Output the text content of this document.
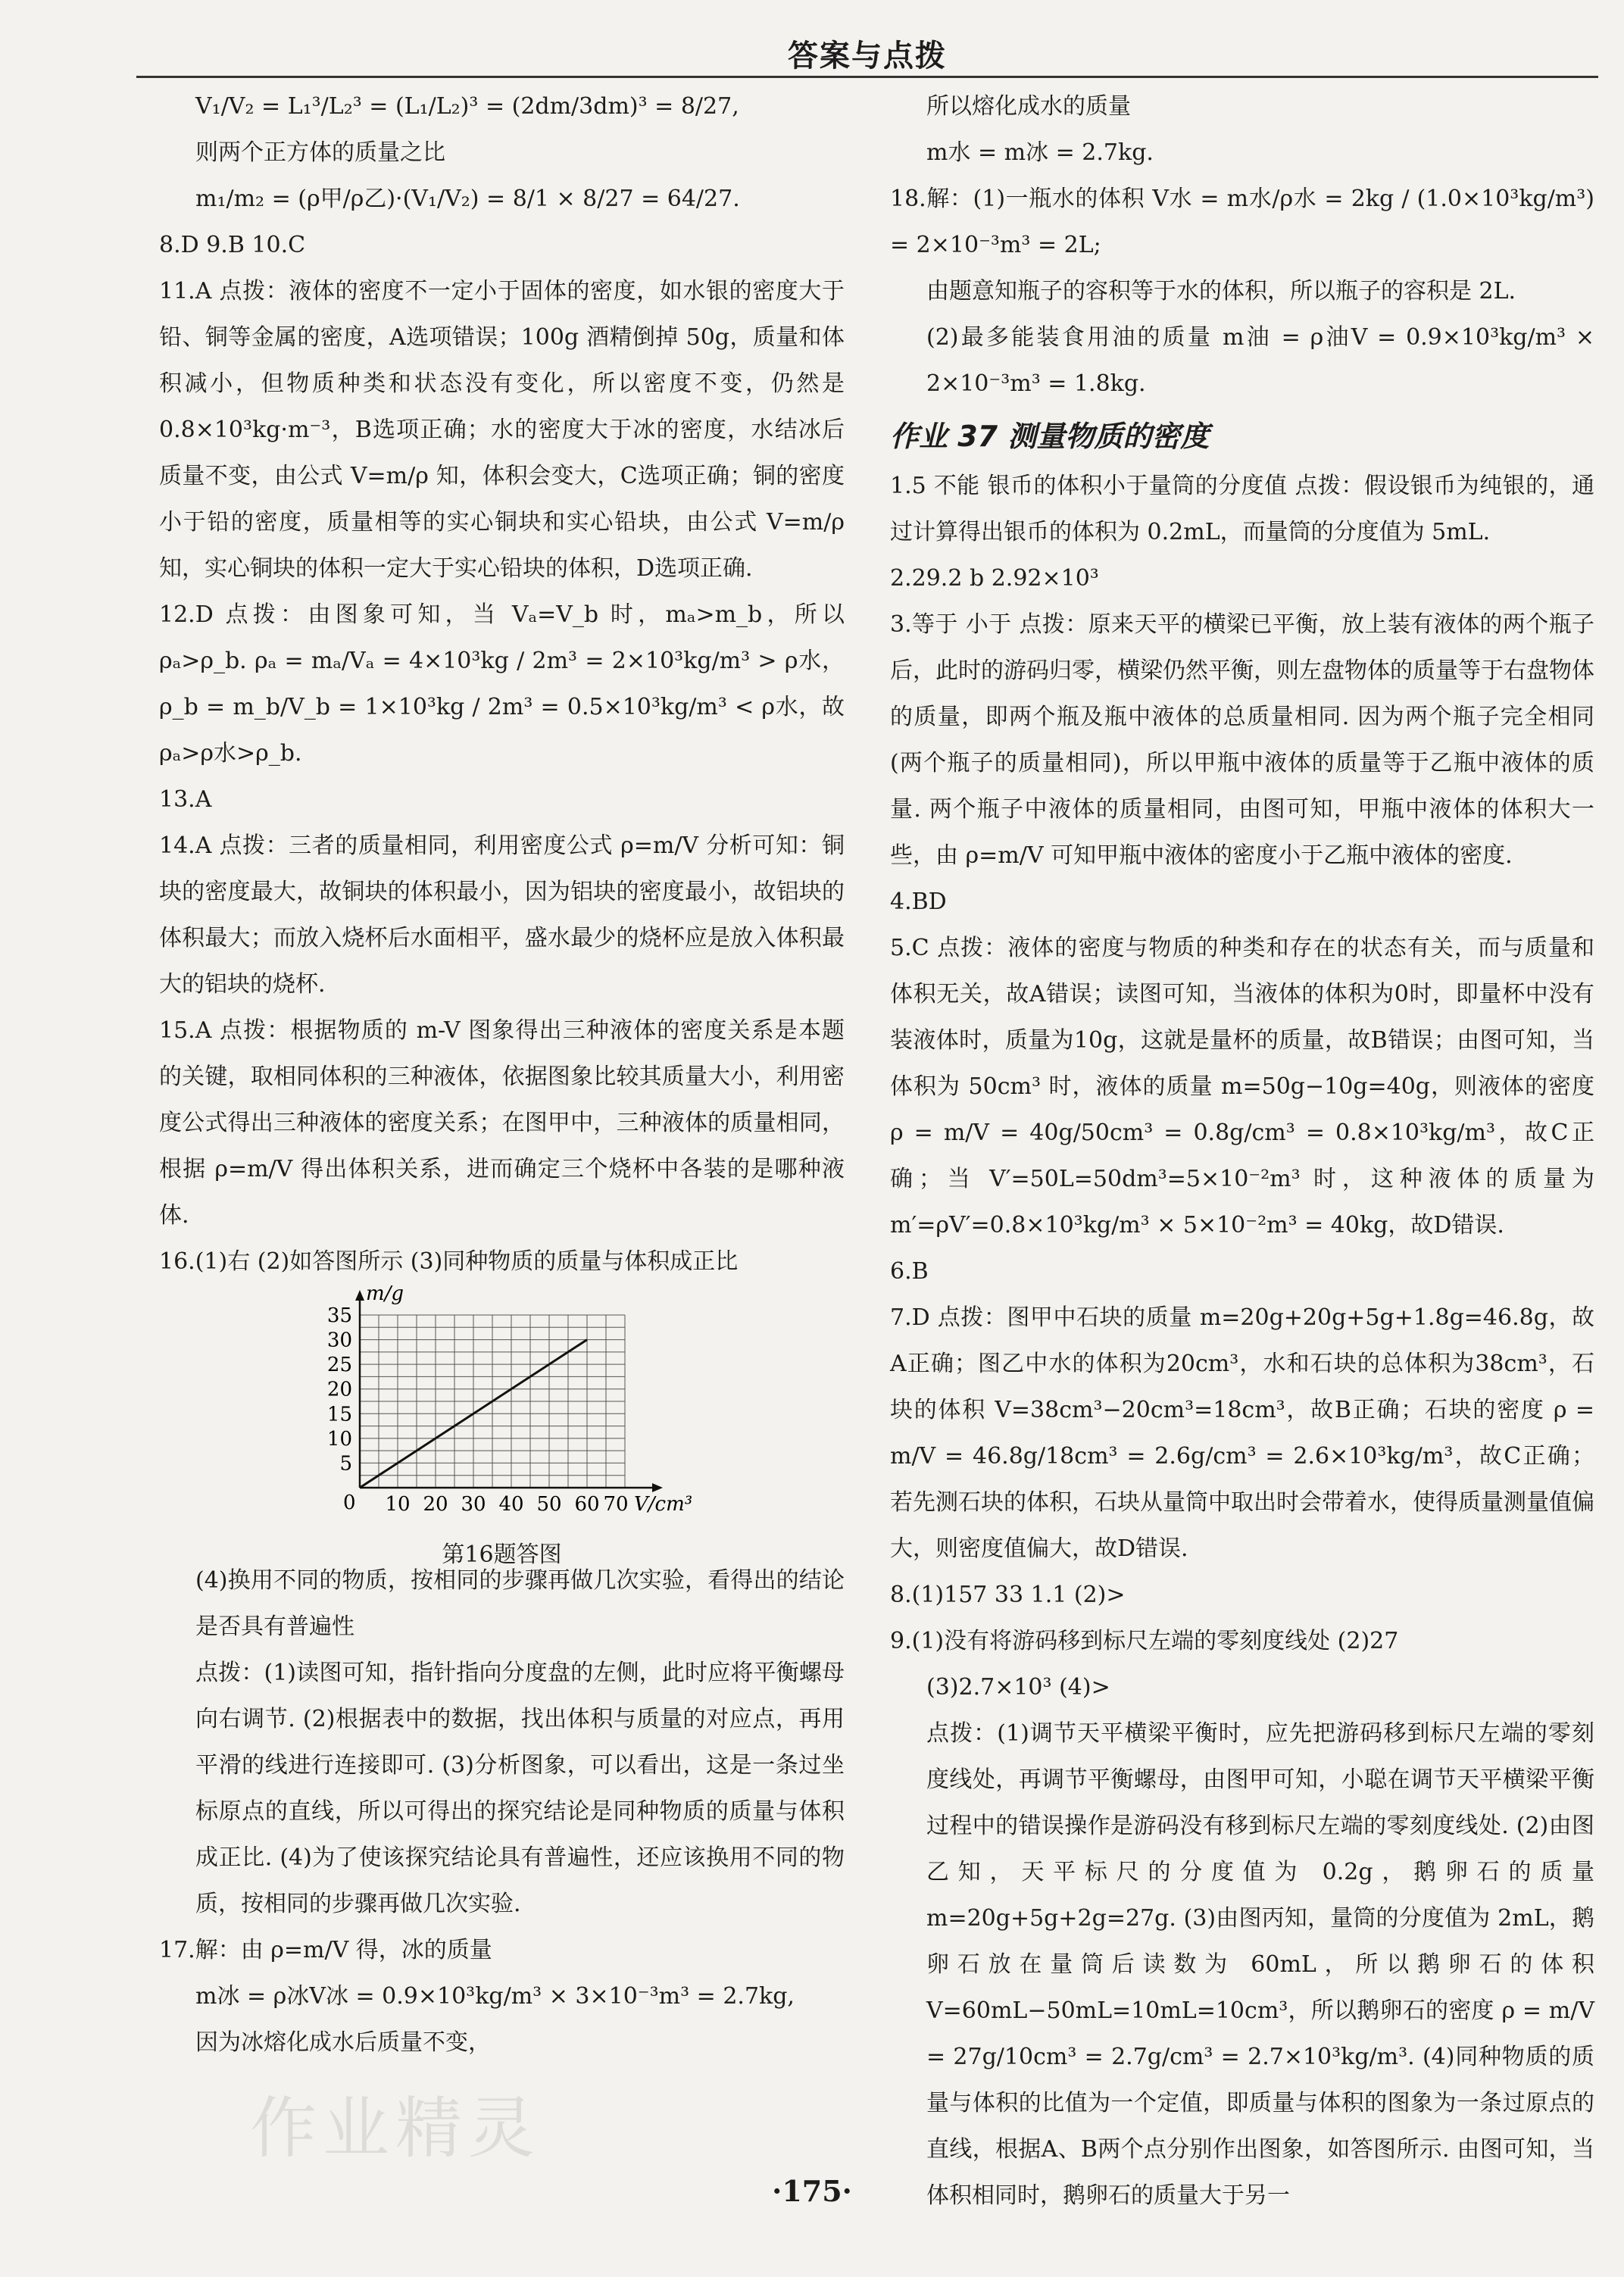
答案与点拨

V₁/V₂ = L₁³/L₂³ = (L₁/L₂)³ = (2dm/3dm)³ = 8/27,

则两个正方体的质量之比

m₁/m₂ = (ρ甲/ρ乙)·(V₁/V₂) = 8/1 × 8/27 = 64/27.

8.D 9.B 10.C

11.A 点拨：液体的密度不一定小于固体的密度，如水银的密度大于铅、铜等金属的密度，A选项错误；100g 酒精倒掉 50g，质量和体积减小，但物质种类和状态没有变化，所以密度不变，仍然是 0.8×10³kg·m⁻³，B选项正确；水的密度大于冰的密度，水结冰后质量不变，由公式 V=m/ρ 知，体积会变大，C选项正确；铜的密度小于铅的密度，质量相等的实心铜块和实心铅块，由公式 V=m/ρ 知，实心铜块的体积一定大于实心铅块的体积，D选项正确.

12.D 点拨：由图象可知，当 Vₐ=V_b 时，mₐ>m_b，所以 ρₐ>ρ_b. ρₐ = mₐ/Vₐ = 4×10³kg / 2m³ = 2×10³kg/m³ > ρ水，ρ_b = m_b/V_b = 1×10³kg / 2m³ = 0.5×10³kg/m³ < ρ水，故 ρₐ>ρ水>ρ_b.

13.A

14.A 点拨：三者的质量相同，利用密度公式 ρ=m/V 分析可知：铜块的密度最大，故铜块的体积最小，因为铝块的密度最小，故铝块的体积最大；而放入烧杯后水面相平，盛水最少的烧杯应是放入体积最大的铝块的烧杯.

15.A 点拨：根据物质的 m-V 图象得出三种液体的密度关系是本题的关键，取相同体积的三种液体，依据图象比较其质量大小，利用密度公式得出三种液体的密度关系；在图甲中，三种液体的质量相同，根据 ρ=m/V 得出体积关系，进而确定三个烧杯中各装的是哪种液体.

16.(1)右 (2)如答图所示 (3)同种物质的质量与体积成正比

m/g
V/cm³
0 10 20 30 40 50 60 70
5
10
15
20
25
30
35
第16题答图

(4)换用不同的物质，按相同的步骤再做几次实验，看得出的结论是否具有普遍性

点拨：(1)读图可知，指针指向分度盘的左侧，此时应将平衡螺母向右调节. (2)根据表中的数据，找出体积与质量的对应点，再用平滑的线进行连接即可. (3)分析图象，可以看出，这是一条过坐标原点的直线，所以可得出的探究结论是同种物质的质量与体积成正比. (4)为了使该探究结论具有普遍性，还应该换用不同的物质，按相同的步骤再做几次实验.

17.解：由 ρ=m/V 得，冰的质量

m冰 = ρ冰V冰 = 0.9×10³kg/m³ × 3×10⁻³m³ = 2.7kg,

因为冰熔化成水后质量不变，

所以熔化成水的质量

m水 = m冰 = 2.7kg.

18.解：(1)一瓶水的体积 V水 = m水/ρ水 = 2kg / (1.0×10³kg/m³) = 2×10⁻³m³ = 2L;

由题意知瓶子的容积等于水的体积，所以瓶子的容积是 2L.

(2)最多能装食用油的质量 m油 = ρ油V = 0.9×10³kg/m³ × 2×10⁻³m³ = 1.8kg.

作业 37 测量物质的密度

1.5 不能 银币的体积小于量筒的分度值 点拨：假设银币为纯银的，通过计算得出银币的体积为 0.2mL，而量筒的分度值为 5mL.

2.29.2 b 2.92×10³

3.等于 小于 点拨：原来天平的横梁已平衡，放上装有液体的两个瓶子后，此时的游码归零，横梁仍然平衡，则左盘物体的质量等于右盘物体的质量，即两个瓶及瓶中液体的总质量相同. 因为两个瓶子完全相同(两个瓶子的质量相同)，所以甲瓶中液体的质量等于乙瓶中液体的质量. 两个瓶子中液体的质量相同，由图可知，甲瓶中液体的体积大一些，由 ρ=m/V 可知甲瓶中液体的密度小于乙瓶中液体的密度.

4.BD

5.C 点拨：液体的密度与物质的种类和存在的状态有关，而与质量和体积无关，故A错误；读图可知，当液体的体积为0时，即量杯中没有装液体时，质量为10g，这就是量杯的质量，故B错误；由图可知，当体积为 50cm³ 时，液体的质量 m=50g−10g=40g，则液体的密度 ρ = m/V = 40g/50cm³ = 0.8g/cm³ = 0.8×10³kg/m³，故C正确；当 V′=50L=50dm³=5×10⁻²m³ 时，这种液体的质量为 m′=ρV′=0.8×10³kg/m³ × 5×10⁻²m³ = 40kg，故D错误.

6.B

7.D 点拨：图甲中石块的质量 m=20g+20g+5g+1.8g=46.8g，故A正确；图乙中水的体积为20cm³，水和石块的总体积为38cm³，石块的体积 V=38cm³−20cm³=18cm³，故B正确；石块的密度 ρ = m/V = 46.8g/18cm³ = 2.6g/cm³ = 2.6×10³kg/m³，故C正确；若先测石块的体积，石块从量筒中取出时会带着水，使得质量测量值偏大，则密度值偏大，故D错误.

8.(1)157 33 1.1 (2)>

9.(1)没有将游码移到标尺左端的零刻度线处 (2)27

(3)2.7×10³ (4)>

点拨：(1)调节天平横梁平衡时，应先把游码移到标尺左端的零刻度线处，再调节平衡螺母，由图甲可知，小聪在调节天平横梁平衡过程中的错误操作是游码没有移到标尺左端的零刻度线处. (2)由图乙知，天平标尺的分度值为 0.2g，鹅卵石的质量 m=20g+5g+2g=27g. (3)由图丙知，量筒的分度值为 2mL，鹅卵石放在量筒后读数为 60mL，所以鹅卵石的体积 V=60mL−50mL=10mL=10cm³，所以鹅卵石的密度 ρ = m/V = 27g/10cm³ = 2.7g/cm³ = 2.7×10³kg/m³. (4)同种物质的质量与体积的比值为一个定值，即质量与体积的图象为一条过原点的直线，根据A、B两个点分别作出图象，如答图所示. 由图可知，当体积相同时，鹅卵石的质量大于另一

·175·
作业精灵
